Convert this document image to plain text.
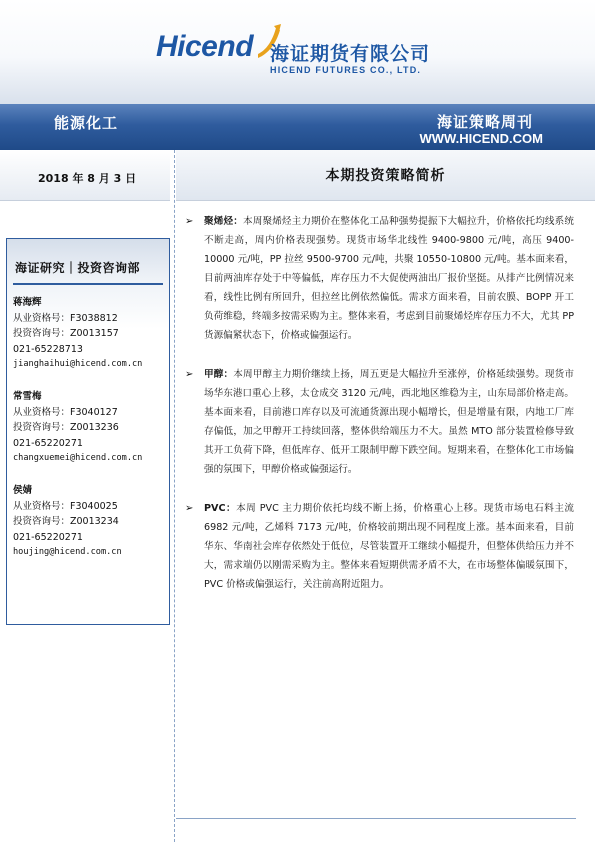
Hicend 海证期货有限公司
HICEND FUTURES CO., LTD.
能源化工	海证策略周刊
WWW.HICEND.COM
2018 年 8 月 3 日	本期投资策略简析
海证研究｜投资咨询部
蒋海辉
从业资格号：F3038812
投资咨询号：Z0013157
021-65228713
jianghaihui@hicend.com.cn
常雪梅
从业资格号：F3040127
投资咨询号：Z0013236
021-65220271
changxuemei@hicend.com.cn
侯婧
从业资格号：F3040025
投资咨询号：Z0013234
021-65220271
houjing@hicend.com.cn
➢ 聚烯烃：本周聚烯烃主力期价在整体化工品种强势提振下大幅拉升，价格依托均线系统不断走高，周内价格表现强势。现货市场华北线性 9400-9800 元/吨，高压 9400-10000 元/吨，PP 拉丝 9500-9700 元/吨，共聚 10550-10800 元/吨。基本面来看，目前两油库存处于中等偏低，库存压力不大促使两油出厂报价坚挺。从排产比例情况来看，线性比例有所回升，但拉丝比例依然偏低。需求方面来看，目前农膜、BOPP 开工负荷维稳，终端多按需采购为主。整体来看，考虑到目前聚烯烃库存压力不大，尤其 PP 货源偏紧状态下，价格或偏强运行。
➢ 甲醇：本周甲醇主力期价继续上扬，周五更是大幅拉升至涨停，价格延续强势。现货市场华东港口重心上移，太仓成交 3120 元/吨，西北地区维稳为主，山东局部价格走高。基本面来看，目前港口库存以及可流通货源出现小幅增长，但是增量有限，内地工厂库存偏低，加之甲醇开工持续回落，整体供给端压力不大。虽然 MTO 部分装置检修导致其开工负荷下降，但低库存、低开工限制甲醇下跌空间。短期来看，在整体化工市场偏强的氛围下，甲醇价格或偏强运行。
➢ PVC：本周 PVC 主力期价依托均线不断上扬，价格重心上移。现货市场电石料主流 6982 元/吨，乙烯料 7173 元/吨，价格较前期出现不同程度上涨。基本面来看，目前华东、华南社会库存依然处于低位，尽管装置开工继续小幅提升，但整体供给压力并不大，需求端仍以刚需采购为主。整体来看短期供需矛盾不大，在市场整体偏暖氛围下，PVC 价格或偏强运行，关注前高附近阻力。
